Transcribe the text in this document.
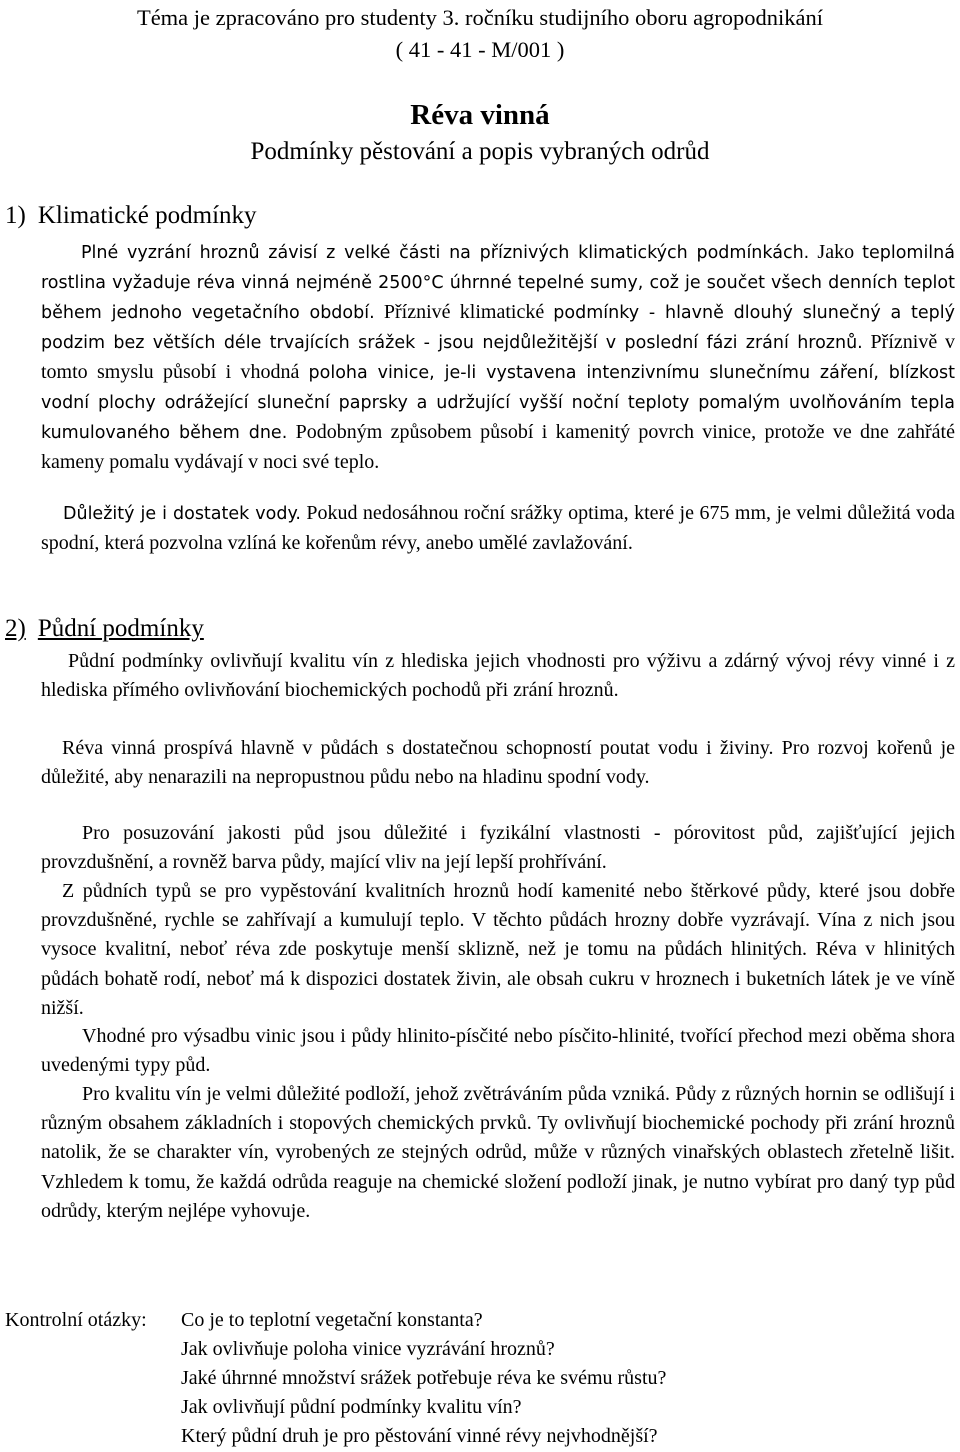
Téma je zpracováno pro studenty 3. ročníku studijního oboru agropodnikání
( 41 - 41 - M/001 )
Réva vinná
Podmínky pěstování a popis vybraných odrůd
1) Klimatické podmínky
Plné vyzrání hroznů závisí z velké části na příznivých klimatických podmínkách. Jako teplomilná rostlina vyžaduje réva vinná nejméně 2500°C úhrnné tepelné sumy, což je součet všech denních teplot během jednoho vegetačního období. Příznivé klimatické podmínky - hlavně dlouhý slunečný a teplý podzim bez větších déle trvajících srážek - jsou nejdůležitější v poslední fázi zrání hroznů. Příznivě v tomto smyslu působí i vhodná poloha vinice, je-li vystavena intenzivnímu slunečnímu záření, blízkost vodní plochy odrážející sluneční paprsky a udržující vyšší noční teploty pomalým uvolňováním tepla kumulovaného během dne. Podobným způsobem působí i kamenitý povrch vinice, protože ve dne zahřáté kameny pomalu vydávají v noci své teplo.
Důležitý je i dostatek vody. Pokud nedosáhnou roční srážky optima, které je 675 mm, je velmi důležitá voda spodní, která pozvolna vzlíná ke kořenům révy, anebo umělé zavlažování.
2) Půdní podmínky
Půdní podmínky ovlivňují kvalitu vín z hlediska jejich vhodnosti pro výživu a zdárný vývoj révy vinné i z hlediska přímého ovlivňování biochemických pochodů při zrání hroznů.
Réva vinná prospívá hlavně v půdách s dostatečnou schopností poutat vodu i živiny. Pro rozvoj kořenů je důležité, aby nenarazili na nepropustnou půdu nebo na hladinu spodní vody.
Pro posuzování jakosti půd jsou důležité i fyzikální vlastnosti - pórovitost půd, zajišťující jejich provzdušnění, a rovněž barva půdy, mající vliv na její lepší prohřívání.
Z půdních typů se pro vypěstování kvalitních hroznů hodí kamenité nebo štěrkové půdy, které jsou dobře provzdušněné, rychle se zahřívají a kumulují teplo. V těchto půdách hrozny dobře vyzrávají. Vína z nich jsou vysoce kvalitní, neboť réva zde poskytuje menší sklizně, než je tomu na půdách hlinitých. Réva v hlinitých půdách bohatě rodí, neboť má k dispozici dostatek živin, ale obsah cukru v hroznech i buketních látek je ve víně nižší.
Vhodné pro výsadbu vinic jsou i půdy hlinito-písčité nebo písčito-hlinité, tvořící přechod mezi oběma shora uvedenými typy půd.
Pro kvalitu vín je velmi důležité podloží, jehož zvětráváním půda vzniká. Půdy z různých hornin se odlišují i různým obsahem základních i stopových chemických prvků. Ty ovlivňují biochemické pochody při zrání hroznů natolik, že se charakter vín, vyrobených ze stejných odrůd, může v různých vinařských oblastech zřetelně lišit. Vzhledem k tomu, že každá odrůda reaguje na chemické složení podloží jinak, je nutno vybírat pro daný typ půd odrůdy, kterým nejlépe vyhovuje.
Kontrolní otázky: Co je to teplotní vegetační konstanta?
Jak ovlivňuje poloha vinice vyzrávání hroznů?
Jaké úhrnné množství srážek potřebuje réva ke svému růstu?
Jak ovlivňují půdní podmínky kvalitu vín?
Který půdní druh je pro pěstování vinné révy nejvhodnější?
